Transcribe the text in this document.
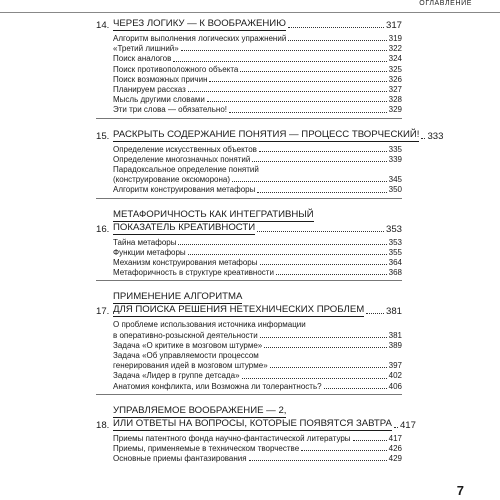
ОГЛАВЛЕНИЕ
14. ЧЕРЕЗ ЛОГИКУ — К ВООБРАЖЕНИЮ	317
Алгоритм выполнения логических упражнений	319
«Третий лишний»	322
Поиск аналогов	324
Поиск противоположного объекта	325
Поиск возможных причин	326
Планируем рассказ	327
Мысль другими словами	328
Эти три слова — обязательно!	329
15. РАСКРЫТЬ СОДЕРЖАНИЕ ПОНЯТИЯ — ПРОЦЕСС ТВОРЧЕСКИЙ! 333
Определение искусственных объектов	335
Определение многозначных понятий	339
Парадоксальное определение понятий
(конструирование оксюморона)	345
Алгоритм конструирования метафоры	350
16.
МЕТАФОРИЧНОСТЬ КАК ИНТЕГРАТИВНЫЙ
ПОКАЗАТЕЛЬ КРЕАТИВНОСТИ	353
Тайна метафоры	353
Функции метафоры	355
Механизм конструирования метафоры	364
Метафоричность в структуре креативности	368
17.
ПРИМЕНЕНИЕ АЛГОРИТМА
ДЛЯ ПОИСКА РЕШЕНИЯ НЕТЕХНИЧЕСКИХ ПРОБЛЕМ 381
О проблеме использования источника информации
в оперативно-розыскной деятельности	381
Задача «О критике в мозговом штурме»	389
Задача «Об управляемости процессом
генерирования идей в мозговом штурме»	397
Задача «Лидер в группе детсада»	402
Анатомия конфликта, или Возможна ли толерантность?	406
18.
УПРАВЛЯЕМОЕ ВООБРАЖЕНИЕ — 2,
ИЛИ ОТВЕТЫ НА ВОПРОСЫ, КОТОРЫЕ ПОЯВЯТСЯ ЗАВТРА 417
Приемы патентного фонда научно-фантастической литературы	417
Приемы, применяемые в техническом творчестве	426
Основные приемы фантазирования	429
7
